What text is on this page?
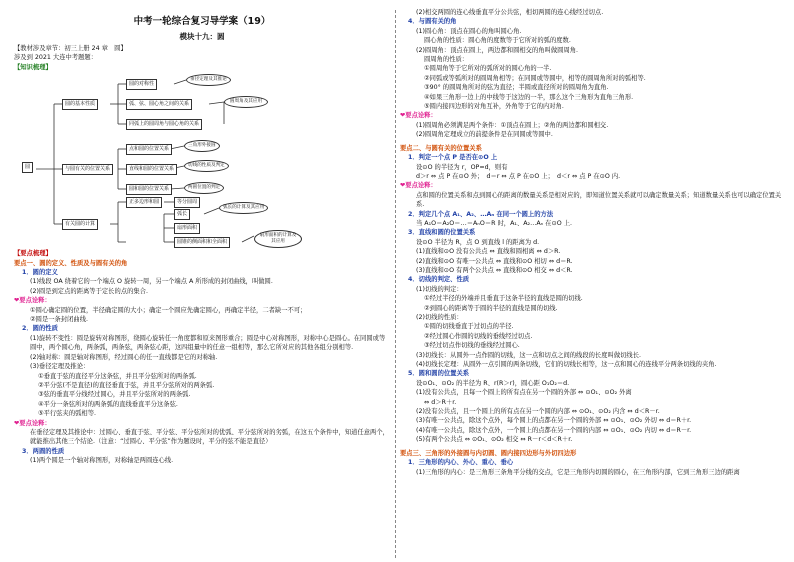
中考一轮综合复习导学案（19）
模块十九：圆
【教材涉及章节：初三上册 24 章　圆】
涉及到 2021 大连中考题题：
【知识梳理】
圆
圆的基本性质
圆的对称性
弧、弦、圆心角之间的关系
同弧上的圆周角与圆心角的关系
垂径定理及其推论
圆周角及其应用
与圆有关的位置关系
点和圆的位置关系
直线和圆的位置关系
圆和圆的位置关系
三角形外接圆
切线的性质及判定
两圆位置的判定
有关圆的计算
正多边形和圆	等分圆周
弧长
扇形面积
圆锥的侧面积和全面积
弧长的计算及其应用
扇形面积的计算及其应用
【要点梳理】
要点一、圆的定义、性质及与圆有关的角
1．圆的定义
(1)线段 OA 绕着它的一个端点 O 旋转一周，另一个端点 A 所形成的封闭曲线，叫做圆.
(2)圆是到定点的距离等于定长的点的集合.
❤要点诠释：
①圆心确定圆的位置，半径确定圆的大小；确定一个圆应先确定圆心，再确定半径，二者缺一不可；
②圆是一条封闭曲线.
2．圆的性质
(1)旋转不变性：圆是旋转对称图形，绕圆心旋转任一角度都和原来图形重合；圆是中心对称图形，对称中心是圆心。在同圆或等圆中，两个圆心角，两条弧，两条弦，两条弦心距，这四组量中的任意一组相等，那么它所对应的其他各组分别相等.
(2)轴对称：圆是轴对称图形，经过圆心的任一直线都是它的对称轴.
(3)垂径定理及推论：
①垂直于弦的直径平分这条弦，并且平分弦所对的两条弧.
②平分弦(不是直径)的直径垂直于弦，并且平分弦所对的两条弧.
③弦的垂直平分线经过圆心，并且平分弦所对的两条弧.
④平分一条弦所对的两条弧的直线垂直平分这条弦.
⑤平行弦夹的弧相等.
❤要点诠释：
在垂径定理及其推论中：过圆心、垂直于弦、平分弦、平分弦所对的优弧、平分弦所对的劣弧，在这五个条件中，知道任意两个，就能推出其他三个结论.（注意：“过圆心、平分弦”作为题设时，平分的弦不能是直径）
3．两圆的性质
(1)两个圆是一个轴对称图形，对称轴是两圆连心线.
(2)相交两圆的连心线垂直平分公共弦，相切两圆的连心线经过切点.
4．与圆有关的角
(1)圆心角：顶点在圆心的角叫圆心角.
圆心角的性质：圆心角的度数等于它所对的弧的度数.
(2)圆周角：顶点在圆上，两边都和圆相交的角叫做圆周角.
圆周角的性质：
①圆周角等于它所对的弧所对的圆心角的一半.
②同弧或等弧所对的圆周角相等；在同圆或等圆中，相等的圆周角所对的弧相等.
③90° 的圆周角所对的弦为直径；半圆或直径所对的圆周角为直角.
④如果三角形一边上的中线等于这边的一半，那么这个三角形为直角三角形.
⑤圆内接四边形的对角互补，外角等于它的内对角.
❤要点诠释：
(1)圆周角必须满足两个条件：①顶点在圆上；②角的两边都和圆相交.
(2)圆周角定理成立的前提条件是在同圆或等圆中.
要点二、与圆有关的位置关系
1．判定一个点 P 是否在⊙O 上
设⊙O 的半径为 r，OP=d，则有
d＞r ⇔ 点 P 在⊙O 外；　d＝r ⇔ 点 P 在⊙O 上；　d＜r ⇔ 点 P 在⊙O 内.
❤要点诠释：
点和圆的位置关系和点到圆心的距离的数量关系是相对应的，即知道位置关系就可以确定数量关系；知道数量关系也可以确定位置关系.
2．判定几个点 A₁、A₂、…Aₙ 在同一个圆上的方法
当 A₁O＝A₂O＝…＝AₙO＝R 时，A₁、A₂…Aₙ 在⊙O 上.
3．直线和圆的位置关系
设⊙O 半径为 R，点 O 到直线 l 的距离为 d.
(1)直线和⊙O 没有公共点 ⇔ 直线和圆相离 ⇔ d＞R.
(2)直线和⊙O 有唯一公共点 ⇔ 直线和⊙O 相切 ⇔ d＝R.
(3)直线和⊙O 有两个公共点 ⇔ 直线和⊙O 相交 ⇔ d＜R.
4．切线的判定、性质
(1)切线的判定：
①经过半径的外端并且垂直于这条半径的直线是圆的切线.
②到圆心的距离等于圆的半径的直线是圆的切线.
(2)切线的性质：
①圆的切线垂直于过切点的半径.
②经过圆心作圆的切线的垂线经过切点.
③经过切点作切线的垂线经过圆心.
(3)切线长：从圆外一点作圆的切线，这一点和切点之间的线段的长度叫做切线长.
(4)切线长定理：从圆外一点引圆的两条切线，它们的切线长相等，这一点和圆心的连线平分两条切线的夹角.
5．圆和圆的位置关系
设⊙O₁、⊙O₂ 的半径为 R、r(R＞r)，圆心距 O₁O₂＝d.
(1)没有公共点，且每一个圆上的所有点在另一个圆的外部 ⇔ ⊙O₁、⊙O₂ 外离
⇔ d＞R＋r.
(2)没有公共点，且一个圆上的所有点在另一个圆的内部 ⇔ ⊙O₁、⊙O₂ 内含 ⇔ d＜R－r.
(3)有唯一公共点，除这个点外，每个圆上的点都在另一个圆的外部 ⇔ ⊙O₁、⊙O₂ 外切 ⇔ d＝R＋r.
(4)有唯一公共点，除这个点外，一个圆上的点都在另一个圆的内部 ⇔ ⊙O₁、⊙O₂ 内切 ⇔ d＝R－r.
(5)有两个公共点 ⇔ ⊙O₁、⊙O₂ 相交 ⇔ R－r＜d＜R＋r.
要点三、三角形的外接圆与内切圆、圆内接四边形与外切四边形
1．三角形的内心、外心、重心、垂心
(1)三角形的内心：是三角形三条角平分线的交点，它是三角形内切圆的圆心，在三角形内部，它到三角形三边的距离
